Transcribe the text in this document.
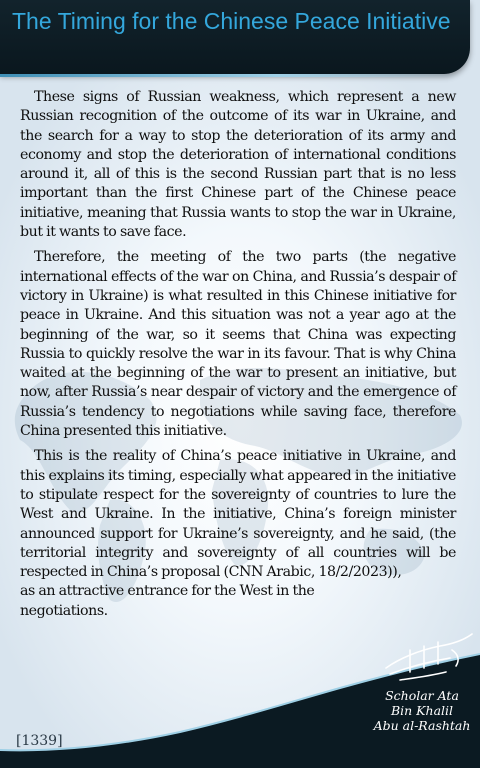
The Timing for the Chinese Peace Initiative

These signs of Russian weakness, which represent a new Russian recognition of the outcome of its war in Ukraine, and the search for a way to stop the deterioration of its army and economy and stop the deterioration of international conditions around it, all of this is the second Russian part that is no less important than the first Chinese part of the Chinese peace initiative, meaning that Russia wants to stop the war in Ukraine, but it wants to save face.

Therefore, the meeting of the two parts (the negative international effects of the war on China, and Russia’s despair of victory in Ukraine) is what resulted in this Chinese initiative for peace in Ukraine. And this situation was not a year ago at the beginning of the war, so it seems that China was expecting Russia to quickly resolve the war in its favour. That is why China waited at the beginning of the war to present an initiative, but now, after Russia’s near despair of victory and the emergence of Russia’s tendency to negotiations while saving face, therefore China presented this initiative.

This is the reality of China’s peace initiative in Ukraine, and this explains its timing, especially what appeared in the initiative to stipulate respect for the sovereignty of countries to lure the West and Ukraine. In the initiative, China’s foreign minister announced support for Ukraine’s sovereignty, and he said, (the territorial integrity and sovereignty of all countries will be respected in China’s proposal (CNN Arabic, 18/2/2023)),

as an attractive entrance for the West in the negotiations.

Scholar Ata
Bin Khalil
Abu al-Rashtah
[1339]
